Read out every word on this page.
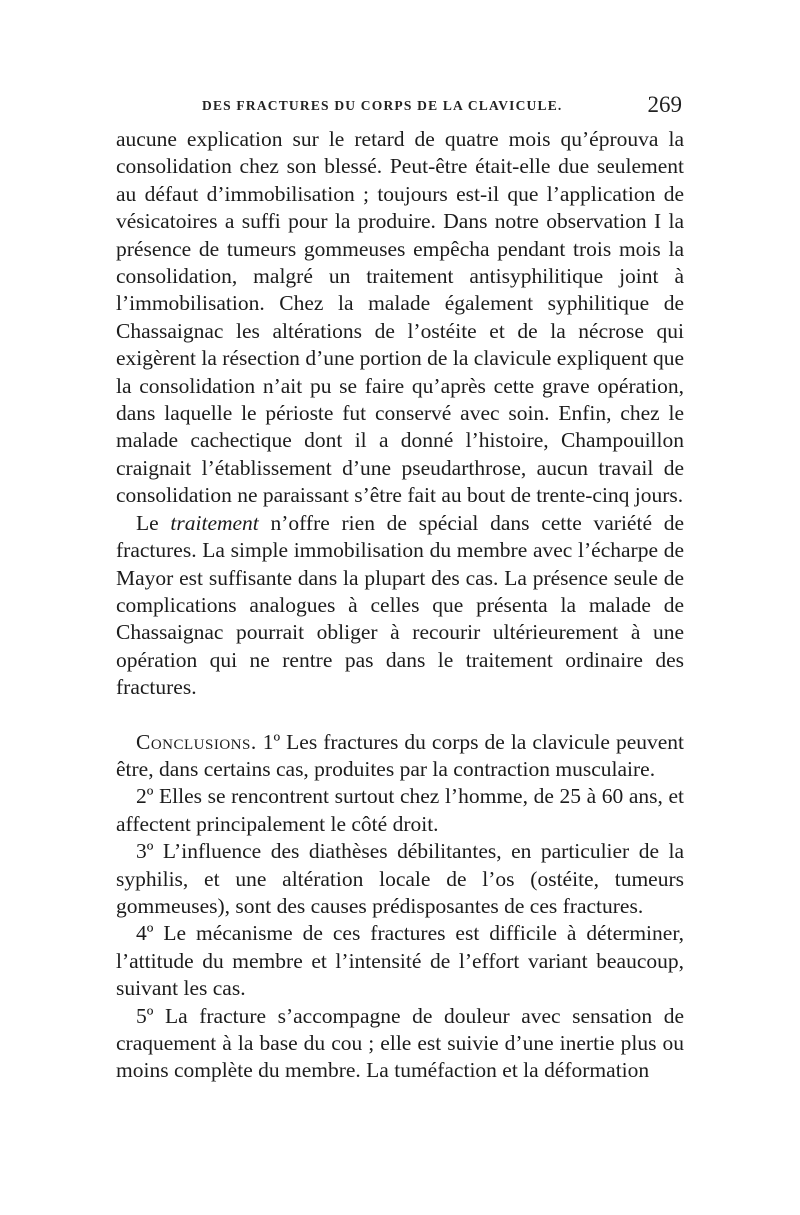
DES FRACTURES DU CORPS DE LA CLAVICULE.	269

aucune explication sur le retard de quatre mois qu’éprouva la consolidation chez son blessé. Peut-être était-elle due seulement au défaut d’immobilisation ; toujours est-il que l’application de vésicatoires a suffi pour la produire. Dans notre observation I la présence de tumeurs gommeuses empêcha pendant trois mois la consolidation, malgré un traitement antisyphilitique joint à l’immobilisation. Chez la malade également syphilitique de Chassaignac les altérations de l’ostéite et de la nécrose qui exigèrent la résection d’une portion de la clavicule expliquent que la consolidation n’ait pu se faire qu’après cette grave opération, dans laquelle le périoste fut conservé avec soin. Enfin, chez le malade cachectique dont il a donné l’histoire, Champouillon craignait l’établissement d’une pseudarthrose, aucun travail de consolidation ne paraissant s’être fait au bout de trente-cinq jours.

Le traitement n’offre rien de spécial dans cette variété de fractures. La simple immobilisation du membre avec l’écharpe de Mayor est suffisante dans la plupart des cas. La présence seule de complications analogues à celles que présenta la malade de Chassaignac pourrait obliger à recourir ultérieurement à une opération qui ne rentre pas dans le traitement ordinaire des fractures.

Conclusions. 1º Les fractures du corps de la clavicule peuvent être, dans certains cas, produites par la contraction musculaire.

2º Elles se rencontrent surtout chez l’homme, de 25 à 60 ans, et affectent principalement le côté droit.

3º L’influence des diathèses débilitantes, en particulier de la syphilis, et une altération locale de l’os (ostéite, tumeurs gommeuses), sont des causes prédisposantes de ces fractures.

4º Le mécanisme de ces fractures est difficile à déterminer, l’attitude du membre et l’intensité de l’effort variant beaucoup, suivant les cas.

5º La fracture s’accompagne de douleur avec sensation de craquement à la base du cou ; elle est suivie d’une inertie plus ou moins complète du membre. La tuméfaction et la déformation
